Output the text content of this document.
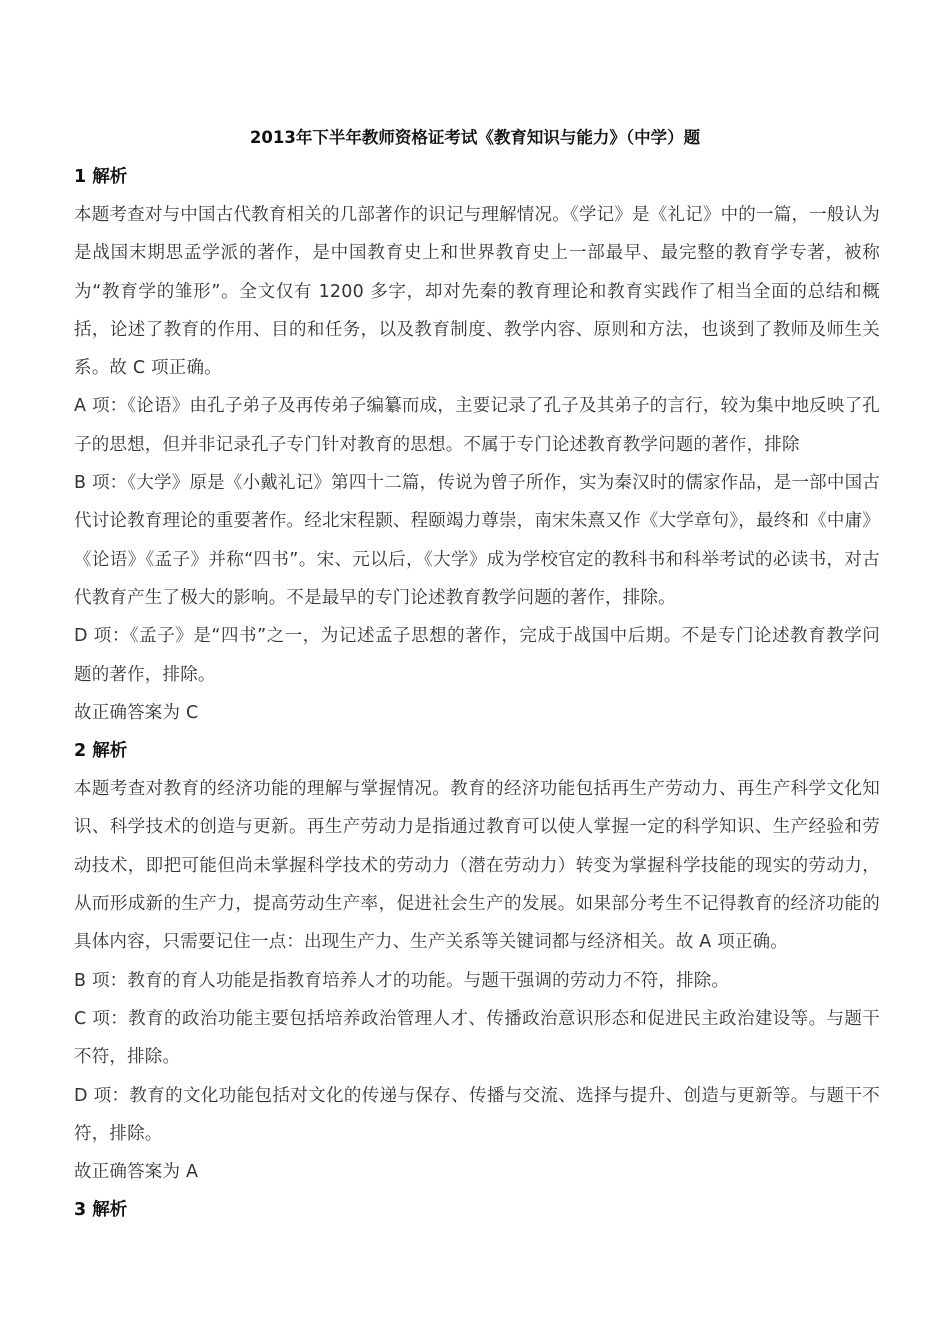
2013年下半年教师资格证考试《教育知识与能力》（中学）题
1 解析

本题考查对与中国古代教育相关的几部著作的识记与理解情况。《学记》是《礼记》中的一篇，一般认为是战国末期思孟学派的著作，是中国教育史上和世界教育史上一部最早、最完整的教育学专著，被称为“教育学的雏形”。全文仅有 1200 多字，却对先秦的教育理论和教育实践作了相当全面的总结和概括，论述了教育的作用、目的和任务，以及教育制度、教学内容、原则和方法，也谈到了教师及师生关系。故 C 项正确。

A 项：《论语》由孔子弟子及再传弟子编纂而成，主要记录了孔子及其弟子的言行，较为集中地反映了孔子的思想，但并非记录孔子专门针对教育的思想。不属于专门论述教育教学问题的著作，排除

B 项：《大学》原是《小戴礼记》第四十二篇，传说为曾子所作，实为秦汉时的儒家作品，是一部中国古代讨论教育理论的重要著作。经北宋程颢、程颐竭力尊崇，南宋朱熹又作《大学章句》，最终和《中庸》《论语》《孟子》并称“四书”。宋、元以后，《大学》成为学校官定的教科书和科举考试的必读书，对古代教育产生了极大的影响。不是最早的专门论述教育教学问题的著作，排除。

D 项：《孟子》是“四书”之一，为记述孟子思想的著作，完成于战国中后期。不是专门论述教育教学问题的著作，排除。

故正确答案为 C

2 解析

本题考查对教育的经济功能的理解与掌握情况。教育的经济功能包括再生产劳动力、再生产科学文化知识、科学技术的创造与更新。再生产劳动力是指通过教育可以使人掌握一定的科学知识、生产经验和劳动技术，即把可能但尚未掌握科学技术的劳动力（潜在劳动力）转变为掌握科学技能的现实的劳动力，从而形成新的生产力，提高劳动生产率，促进社会生产的发展。如果部分考生不记得教育的经济功能的具体内容，只需要记住一点：出现生产力、生产关系等关键词都与经济相关。故 A 项正确。

B 项：教育的育人功能是指教育培养人才的功能。与题干强调的劳动力不符，排除。

C 项：教育的政治功能主要包括培养政治管理人才、传播政治意识形态和促进民主政治建设等。与题干不符，排除。

D 项：教育的文化功能包括对文化的传递与保存、传播与交流、选择与提升、创造与更新等。与题干不符，排除。

故正确答案为 A

3 解析
